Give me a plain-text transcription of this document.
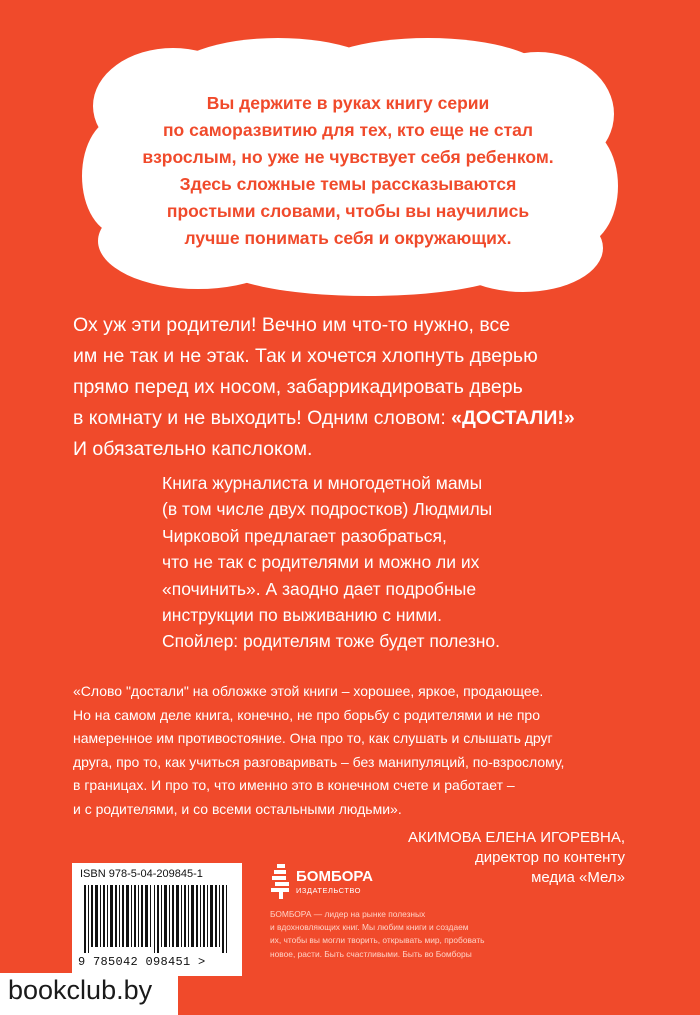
Вы держите в руках книгу серии
по саморазвитию для тех, кто еще не стал
взрослым, но уже не чувствует себя ребенком.
Здесь сложные темы рассказываются
простыми словами, чтобы вы научились
лучше понимать себя и окружающих.
Ох уж эти родители! Вечно им что-то нужно, все
им не так и не этак. Так и хочется хлопнуть дверью
прямо перед их носом, забаррикадировать дверь
в комнату и не выходить! Одним словом: «ДОСТАЛИ!»
И обязательно капслоком.
Книга журналиста и многодетной мамы
(в том числе двух подростков) Людмилы
Чирковой предлагает разобраться,
что не так с родителями и можно ли их
«починить». А заодно дает подробные
инструкции по выживанию с ними.
Спойлер: родителям тоже будет полезно.
«Слово "достали" на обложке этой книги – хорошее, яркое, продающее.
Но на самом деле книга, конечно, не про борьбу с родителями и не про
намеренное им противостояние. Она про то, как слушать и слышать друг
друга, про то, как учиться разговаривать – без манипуляций, по-взрослому,
в границах. И про то, что именно это в конечном счете и работает –
и с родителями, и со всеми остальными людьми».
АКИМОВА ЕЛЕНА ИГОРЕВНА,
директор по контенту
медиа «Мел»
ISBN 978-5-04-209845-1
9 785042 098451 >
БОМБОРА
ИЗДАТЕЛЬСТВО
БОМБОРА — лидер на рынке полезных
и вдохновляющих книг. Мы любим книги и создаем
их, чтобы вы могли творить, открывать мир, пробовать
новое, расти. Быть счастливыми. Быть во Бомборы
bookclub.by
